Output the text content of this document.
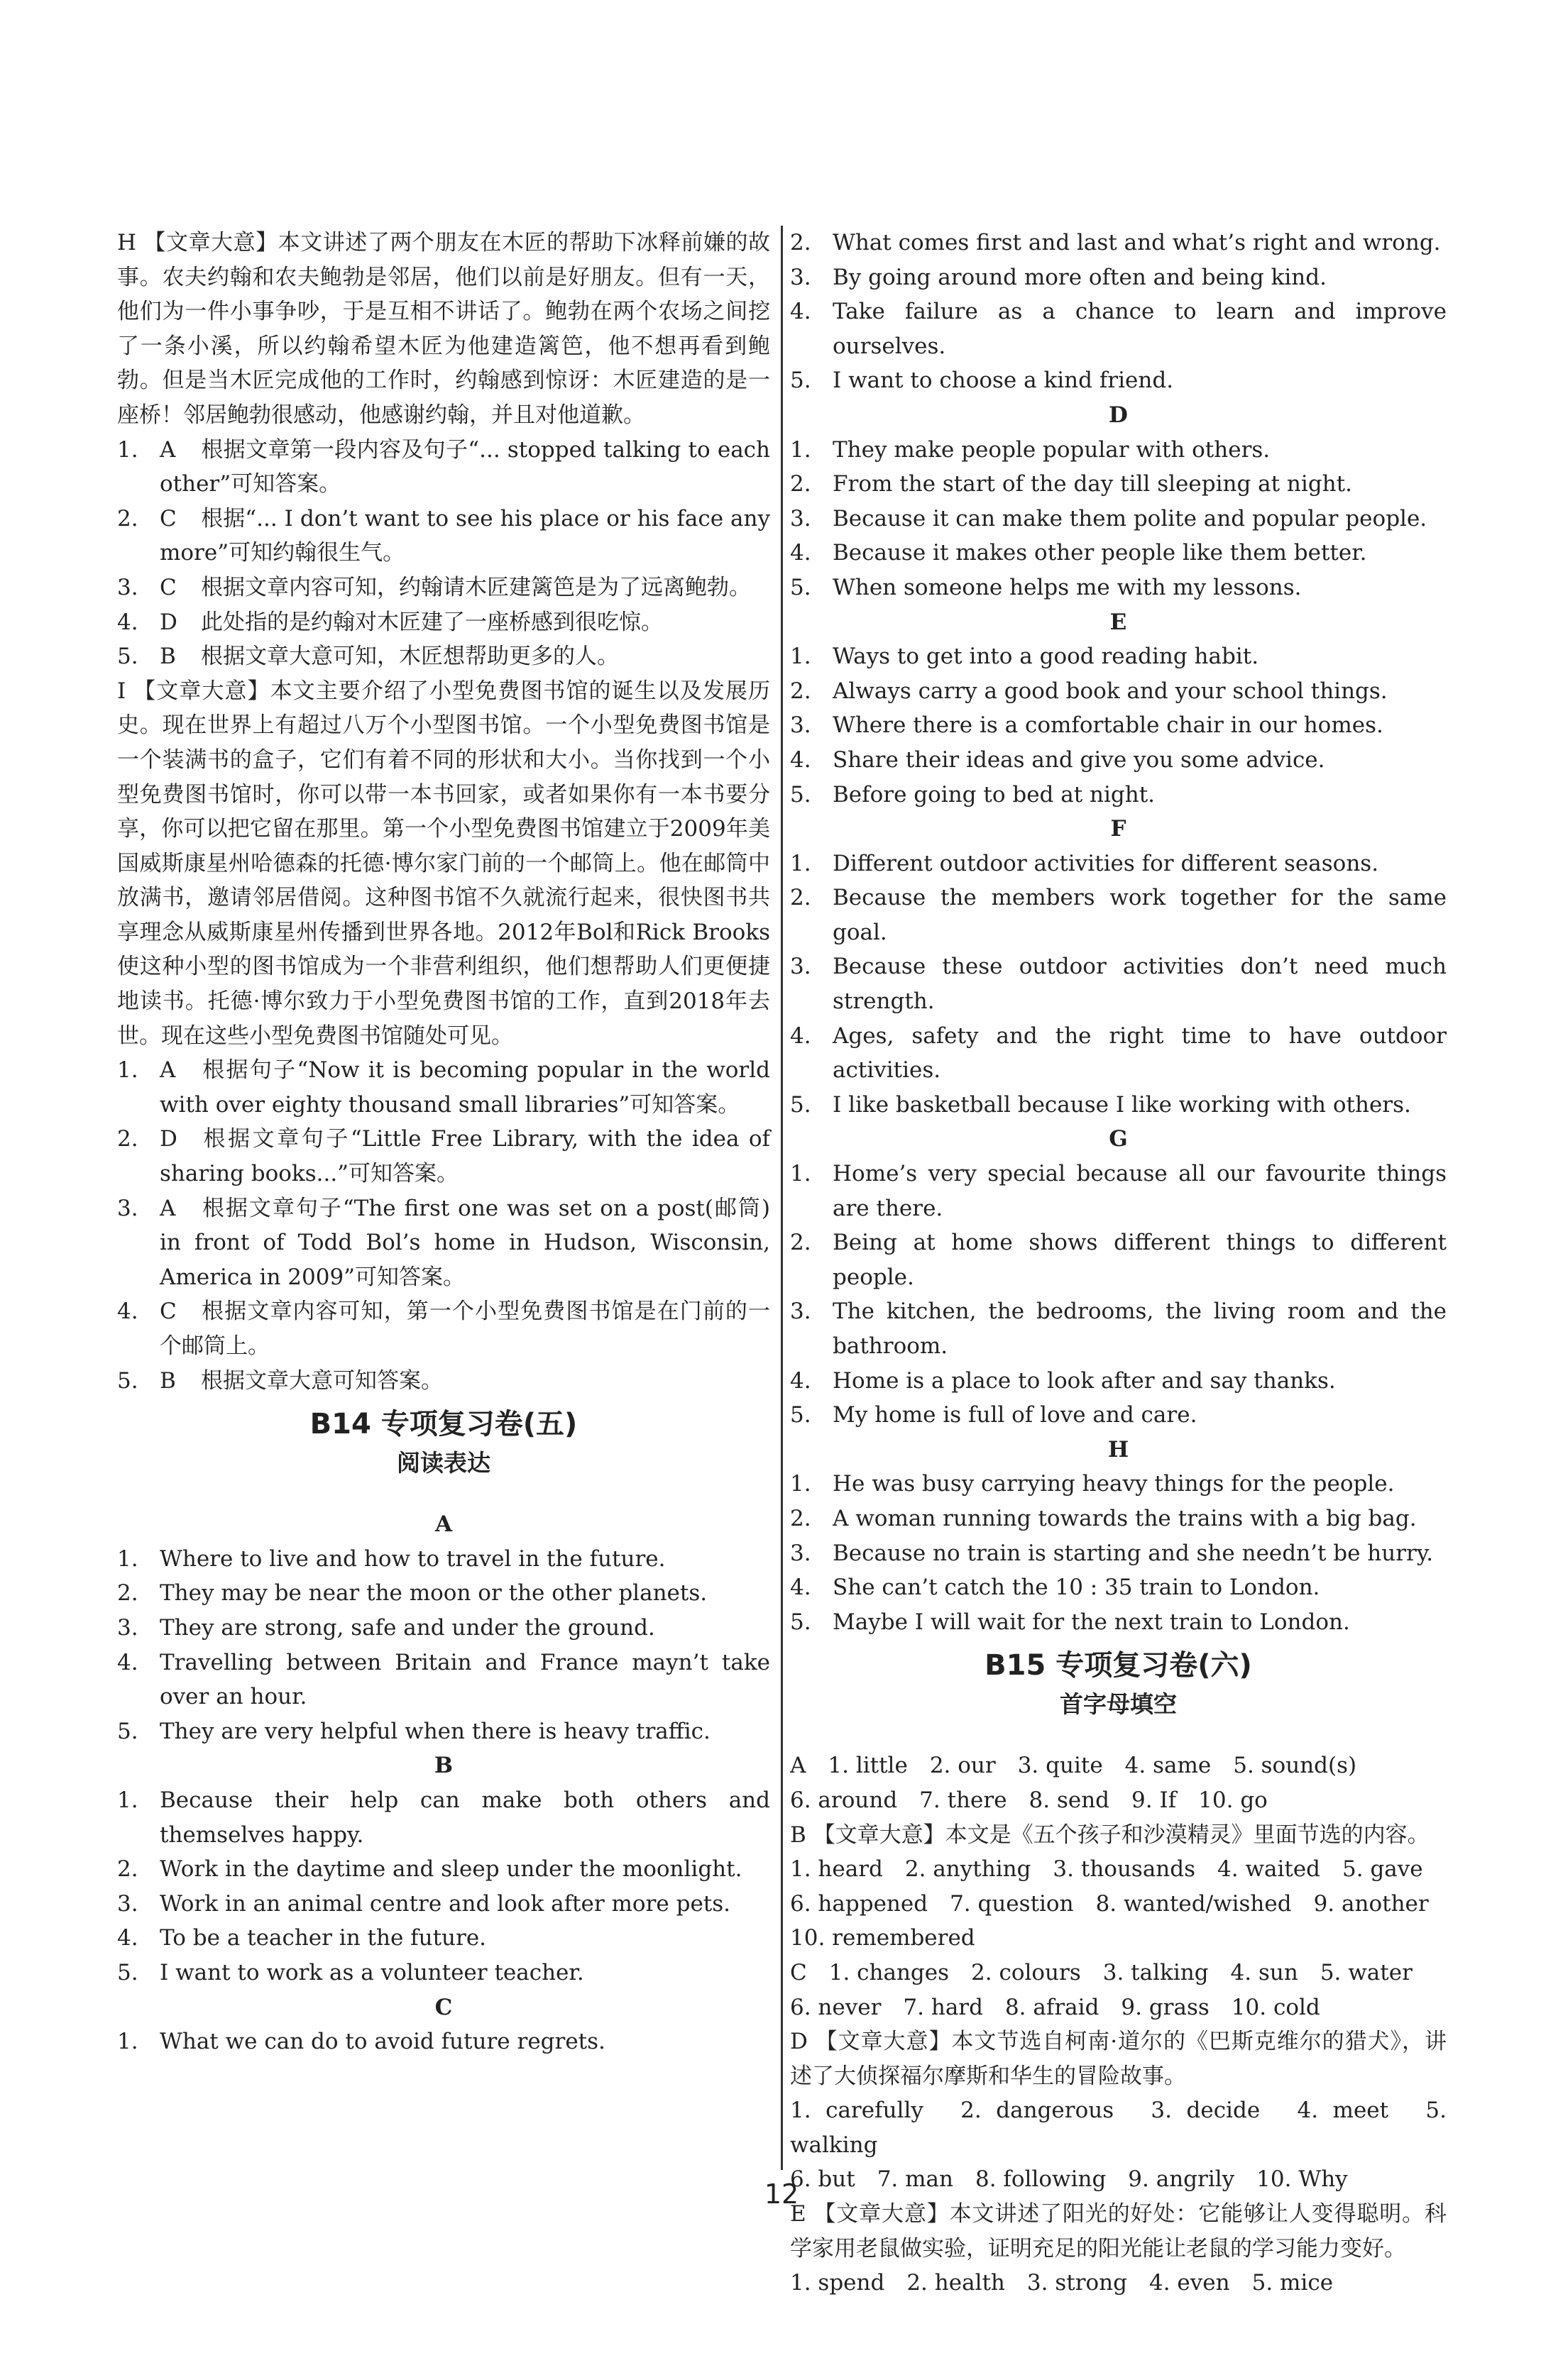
H 【文章大意】本文讲述了两个朋友在木匠的帮助下冰释前嫌的故事。农夫约翰和农夫鲍勃是邻居，他们以前是好朋友。但有一天，他们为一件小事争吵，于是互相不讲话了。鲍勃在两个农场之间挖了一条小溪，所以约翰希望木匠为他建造篱笆，他不想再看到鲍勃。但是当木匠完成他的工作时，约翰感到惊讶：木匠建造的是一座桥！邻居鲍勃很感动，他感谢约翰，并且对他道歉。

1. A 根据文章第一段内容及句子“... stopped talking to each other”可知答案。
2. C 根据“... I don’t want to see his place or his face any more”可知约翰很生气。
3. C 根据文章内容可知，约翰请木匠建篱笆是为了远离鲍勃。
4. D 此处指的是约翰对木匠建了一座桥感到很吃惊。
5. B 根据文章大意可知，木匠想帮助更多的人。

I 【文章大意】本文主要介绍了小型免费图书馆的诞生以及发展历史。现在世界上有超过八万个小型图书馆。一个小型免费图书馆是一个装满书的盒子，它们有着不同的形状和大小。当你找到一个小型免费图书馆时，你可以带一本书回家，或者如果你有一本书要分享，你可以把它留在那里。第一个小型免费图书馆建立于2009年美国威斯康星州哈德森的托德·博尔家门前的一个邮筒上。他在邮筒中放满书，邀请邻居借阅。这种图书馆不久就流行起来，很快图书共享理念从威斯康星州传播到世界各地。2012年Bol和Rick Brooks使这种小型的图书馆成为一个非营利组织，他们想帮助人们更便捷地读书。托德·博尔致力于小型免费图书馆的工作，直到2018年去世。现在这些小型免费图书馆随处可见。

1. A 根据句子“Now it is becoming popular in the world with over eighty thousand small libraries”可知答案。
2. D 根据文章句子“Little Free Library, with the idea of sharing books...”可知答案。
3. A 根据文章句子“The first one was set on a post(邮筒) in front of Todd Bol’s home in Hudson, Wisconsin, America in 2009”可知答案。
4. C 根据文章内容可知，第一个小型免费图书馆是在门前的一个邮筒上。
5. B 根据文章大意可知答案。
B14 专项复习卷(五)
阅读表达
A
1. Where to live and how to travel in the future.
2. They may be near the moon or the other planets.
3. They are strong, safe and under the ground.
4. Travelling between Britain and France mayn’t take over an hour.
5. They are very helpful when there is heavy traffic.
B
1. Because their help can make both others and themselves happy.
2. Work in the daytime and sleep under the moonlight.
3. Work in an animal centre and look after more pets.
4. To be a teacher in the future.
5. I want to work as a volunteer teacher.
C
1. What we can do to avoid future regrets.
2. What comes first and last and what’s right and wrong.
3. By going around more often and being kind.
4. Take failure as a chance to learn and improve ourselves.
5. I want to choose a kind friend.
D
1. They make people popular with others.
2. From the start of the day till sleeping at night.
3. Because it can make them polite and popular people.
4. Because it makes other people like them better.
5. When someone helps me with my lessons.
E
1. Ways to get into a good reading habit.
2. Always carry a good book and your school things.
3. Where there is a comfortable chair in our homes.
4. Share their ideas and give you some advice.
5. Before going to bed at night.
F
1. Different outdoor activities for different seasons.
2. Because the members work together for the same goal.
3. Because these outdoor activities don’t need much strength.
4. Ages, safety and the right time to have outdoor activities.
5. I like basketball because I like working with others.
G
1. Home’s very special because all our favourite things are there.
2. Being at home shows different things to different people.
3. The kitchen, the bedrooms, the living room and the bathroom.
4. Home is a place to look after and say thanks.
5. My home is full of love and care.
H
1. He was busy carrying heavy things for the people.
2. A woman running towards the trains with a big bag.
3. Because no train is starting and she needn’t be hurry.
4. She can’t catch the 10 : 35 train to London.
5. Maybe I will wait for the next train to London.
B15 专项复习卷(六)
首字母填空

A　1. little　2. our　3. quite　4. same　5. sound(s)

6. around　7. there　8. send　9. If　10. go

B 【文章大意】本文是《五个孩子和沙漠精灵》里面节选的内容。

1. heard　2. anything　3. thousands　4. waited　5. gave

6. happened　7. question　8. wanted/wished　9. another

10. remembered

C　1. changes　2. colours　3. talking　4. sun　5. water

6. never　7. hard　8. afraid　9. grass　10. cold

D 【文章大意】本文节选自柯南·道尔的《巴斯克维尔的猎犬》，讲述了大侦探福尔摩斯和华生的冒险故事。

1. carefully　2. dangerous　3. decide　4. meet　5. walking

6. but　7. man　8. following　9. angrily　10. Why

E 【文章大意】本文讲述了阳光的好处：它能够让人变得聪明。科学家用老鼠做实验，证明充足的阳光能让老鼠的学习能力变好。

1. spend　2. health　3. strong　4. even　5. mice

12
